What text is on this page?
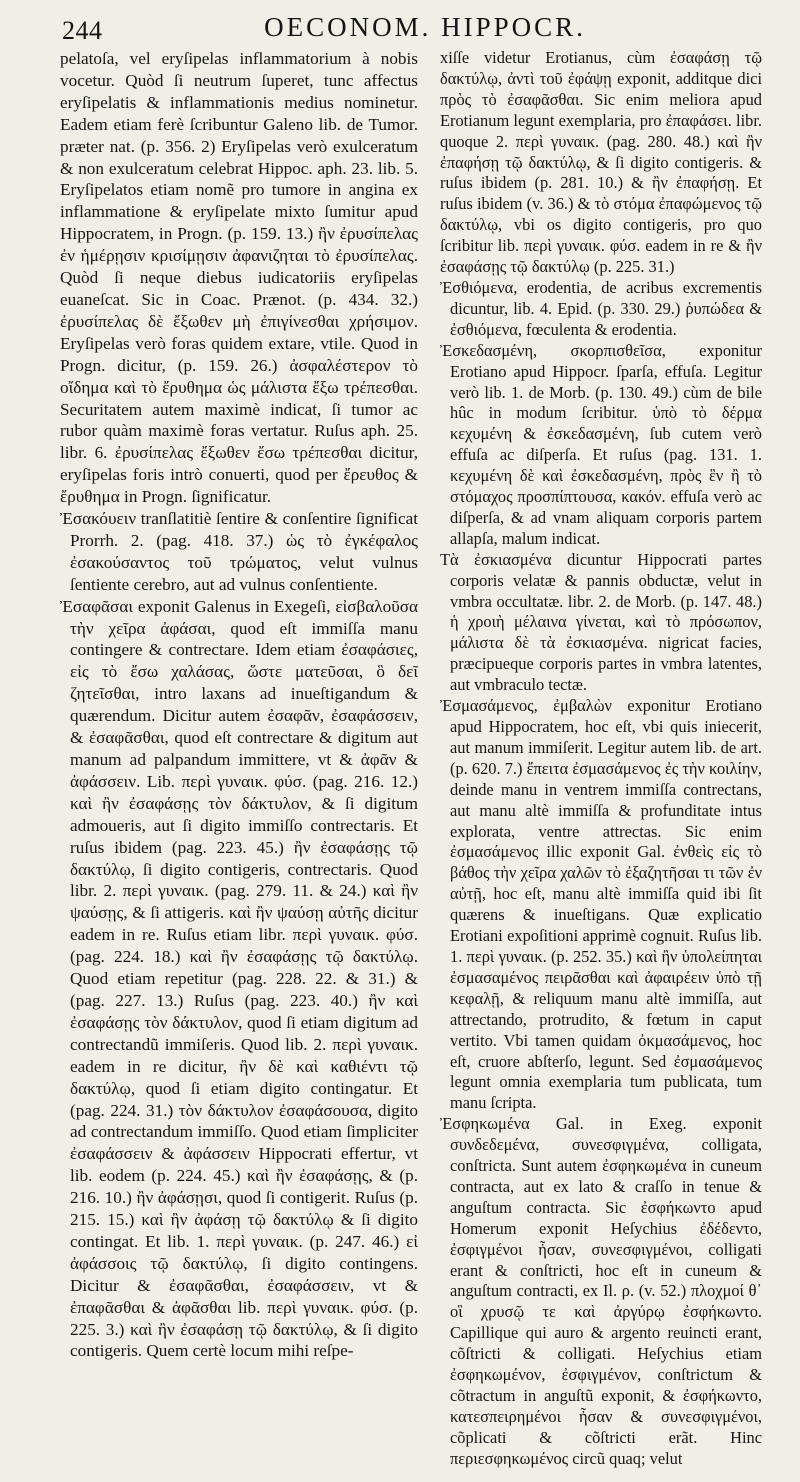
244	OECONOM. HIPPOCR.

pelatoſa, vel eryſipelas inflammatorium à nobis vocetur. Quòd ſi neutrum ſuperet, tunc affectus eryſipelatis & inflammationis medius nominetur. Eadem etiam ferè ſcribuntur Galeno lib. de Tumor. præter nat. (p. 356. 2) Eryſipelas verò exulceratum & non exulceratum celebrat Hippoc. aph. 23. lib. 5. Eryſipelatos etiam nomẽ pro tumore in angina ex inflammatione & eryſipelate mixto ſumitur apud Hippocratem, in Progn. (p. 159. 13.) ἢν ἐρυσίπελας ἐν ἡμέρῃσιν κρισίμῃσιν ἀφανιζηται τὸ ἐρυσίπελας. Quòd ſi neque diebus iudicatoriis eryſipelas euaneſcat. Sic in Coac. Prænot. (p. 434. 32.) ἐρυσίπελας δὲ ἔξωθεν μὴ ἐπιγίνεσθαι χρήσιμον. Eryſipelas verò foras quidem extare, vtile. Quod in Progn. dicitur, (p. 159. 26.) ἀσφαλέστερον τὸ οἴδημα καὶ τὸ ἔρυθημα ὡς μάλιστα ἔξω τρέπεσθαι. Securitatem autem maximè indicat, ſi tumor ac rubor quàm maximè foras vertatur. Ruſus aph. 25. libr. 6. ἐρυσίπελας ἔξωθεν ἔσω τρέπεσθαι dicitur, eryſipelas foris intrò conuerti, quod per ἔρευθος & ἔρυθημα in Progn. ſignificatur.

Ἐσακόυειν tranſlatitiè ſentire & conſentire ſignificat Prorrh. 2. (pag. 418. 37.) ὡς τὸ ἐγκέφαλος ἐσακούσαντος τοῦ τρώματος, velut vulnus ſentiente cerebro, aut ad vulnus conſentiente.

Ἐσαφᾶσαι exponit Galenus in Exegeſi, εἰσβαλοῦσα τὴν χεῖρα ἀφάσαι, quod eſt immiſſa manu contingere & contrectare. Idem etiam ἐσαφάσιες, εἰς τὸ ἔσω χαλάσας, ὥστε ματεῦσαι, ὃ δεῖ ζητεῖσθαι, intro laxans ad inueſtigandum & quærendum. Dicitur autem ἐσαφᾶν, ἐσαφάσσειν, & ἐσαφᾶσθαι, quod eſt contrectare & digitum aut manum ad palpandum immittere, vt & ἀφᾶν & ἀφάσσειν. Lib. περὶ γυναικ. φύσ. (pag. 216. 12.) καὶ ἢν ἐσαφάσῃς τὸν δάκτυλον, & ſi digitum admoueris, aut ſi digito immiſſo contrectaris. Et ruſus ibidem (pag. 223. 45.) ἢν ἐσαφάσῃς τῷ δακτύλῳ, ſi digito contigeris, contrectaris. Quod libr. 2. περὶ γυναικ. (pag. 279. 11. & 24.) καὶ ἢν ψαύσῃς, & ſi attigeris. καὶ ἢν ψαύσῃ αὐτῆς dicitur eadem in re. Ruſus etiam libr. περὶ γυναικ. φύσ. (pag. 224. 18.) καὶ ἢν ἐσαφάσῃς τῷ δακτύλῳ. Quod etiam repetitur (pag. 228. 22. & 31.) & (pag. 227. 13.) Ruſus (pag. 223. 40.) ἢν καὶ ἐσαφάσῃς τὸν δάκτυλον, quod ſi etiam digitum ad contrectandũ immiſeris. Quod lib. 2. περὶ γυναικ. eadem in re dicitur, ἢν δὲ καὶ καθιέντι τῷ δακτύλῳ, quod ſi etiam digito contingatur. Et (pag. 224. 31.) τὸν δάκτυλον ἐσαφάσουσα, digito ad contrectandum immiſſo. Quod etiam ſimpliciter ἐσαφάσσειν & ἀφάσσειν Hippocrati effertur, vt lib. eodem (p. 224. 45.) καὶ ἢν ἐσαφάσῃς, & (p. 216. 10.) ἢν ἀφάσῃσι, quod ſi contigerit. Ruſus (p. 215. 15.) καὶ ἢν ἀφάσῃ τῷ δακτύλῳ & ſi digito contingat. Et lib. 1. περὶ γυναικ. (p. 247. 46.) εἰ ἀφάσσοις τῷ δακτύλῳ, ſi digito contingens. Dicitur & ἐσαφᾶσθαι, ἐσαφάσσειν, vt & ἐπαφᾶσθαι & ἀφᾶσθαι lib. περὶ γυναικ. φύσ. (p. 225. 3.) καὶ ἢν ἐσαφάσῃ τῷ δακτύλῳ, & ſi digito contigeris. Quem certè locum mihi reſpe-

xiſſe videtur Erotianus, cùm ἐσαφάσῃ τῷ δακτύλῳ, ἀντὶ τοῦ ἐφάψῃ exponit, additque dici πρὸς τὸ ἐσαφᾶσθαι. Sic enim meliora apud Erotianum legunt exemplaria, pro ἐπαφάσει. libr. quoque 2. περὶ γυναικ. (pag. 280. 48.) καὶ ἢν ἐπαφήσῃ τῷ δακτύλῳ, & ſi digito contigeris. & ruſus ibidem (p. 281. 10.) & ἢν ἐπαφήσῃ. Et ruſus ibidem (v. 36.) & τὸ στόμα ἐπαφώμενος τῷ δακτύλῳ, vbi os digito contigeris, pro quo ſcribitur lib. περὶ γυναικ. φύσ. eadem in re & ἢν ἐσαφάσῃς τῷ δακτύλῳ (p. 225. 31.)

Ἐσθιόμενα, erodentia, de acribus excrementis dicuntur, lib. 4. Epid. (p. 330. 29.) ῥυπώδεα & ἐσθιόμενα, fœculenta & erodentia.

Ἐσκεδασμένη, σκορπισθεῖσα, exponitur Erotiano apud Hippocr. ſparſa, effuſa. Legitur verò lib. 1. de Morb. (p. 130. 49.) cùm de bile hûc in modum ſcribitur. ὑπὸ τὸ δέρμα κεχυμένη & ἐσκεδασμένη, ſub cutem verò effuſa ac diſperſa. Et ruſus (pag. 131. 1. κεχυμένη δὲ καὶ ἐσκεδασμένη, πρὸς ἓν ἢ τὸ στόμαχος προσπίπτουσα, κακόν. effuſa verò ac diſperſa, & ad vnam aliquam corporis partem allapſa, malum indicat.

Τὰ ἐσκιασμένα dicuntur Hippocrati partes corporis velatæ & pannis obductæ, velut in vmbra occultatæ. libr. 2. de Morb. (p. 147. 48.) ἡ χροιὴ μέλαινα γίνεται, καὶ τὸ πρόσωπον, μάλιστα δὲ τὰ ἐσκιασμένα. nigricat facies, præcipueque corporis partes in vmbra latentes, aut vmbraculo tectæ.

Ἐσμασάμενος, ἐμβαλὼν exponitur Erotiano apud Hippocratem, hoc eſt, vbi quis iniecerit, aut manum immiſerit. Legitur autem lib. de art. (p. 620. 7.) ἔπειτα ἐσμασάμενος ἐς τὴν κοιλίην, deinde manu in ventrem immiſſa contrectans, aut manu altè immiſſa & profunditate intus explorata, ventre attrectas. Sic enim ἐσμασάμενος illic exponit Gal. ἐνθεὶς εἰς τὸ βάθος τὴν χεῖρα χαλῶν τὸ ἐξαζητῆσαι τι τῶν ἐν αὐτῇ, hoc eſt, manu altè immiſſa quid ibi ſit quærens & inueſtigans. Quæ explicatio Erotiani expoſitioni apprimè cognuit. Ruſus lib. 1. περὶ γυναικ. (p. 252. 35.) καὶ ἢν ὑπολείπηται ἐσμασαμένος πειρᾶσθαι καὶ ἀφαιρέειν ὑπὸ τῇ κεφαλῇ, & reliquum manu altè immiſſa, aut attrectando, protrudito, & fœtum in caput vertito. Vbi tamen quidam ὀκμασάμενος, hoc eſt, cruore abſterſo, legunt. Sed ἐσμασάμενος legunt omnia exemplaria tum publicata, tum manu ſcripta.

Ἐσφηκωμένα Gal. in Exeg. exponit συνδεδεμένα, συνεσφιγμένα, colligata, conſtricta. Sunt autem ἐσφηκωμένα in cuneum contracta, aut ex lato & craſſo in tenue & anguſtum contracta. Sic ἐσφήκωντο apud Homerum exponit Heſychius ἐδέδεντο, ἐσφιγμένοι ἦσαν, συνεσφιγμένοι, colligati erant & conſtricti, hoc eſt in cuneum & anguſtum contracti, ex Il. ρ. (v. 52.) πλοχμοί θ᾽ οἳ χρυσῷ τε καὶ ἀργύρῳ ἐσφήκωντο. Capillique qui auro & argento reuincti erant, cõſtricti & colligati. Heſychius etiam ἐσφηκωμένον, ἐσφιγμένον, conſtrictum & cõtractum in anguſtũ exponit, & ἐσφήκωντο, κατεσπειρημένοι ἦσαν & συνεσφιγμένοι, cõplicati & cõſtricti erãt. Hinc περιεσφηκωμένος circũ quaq; velut
